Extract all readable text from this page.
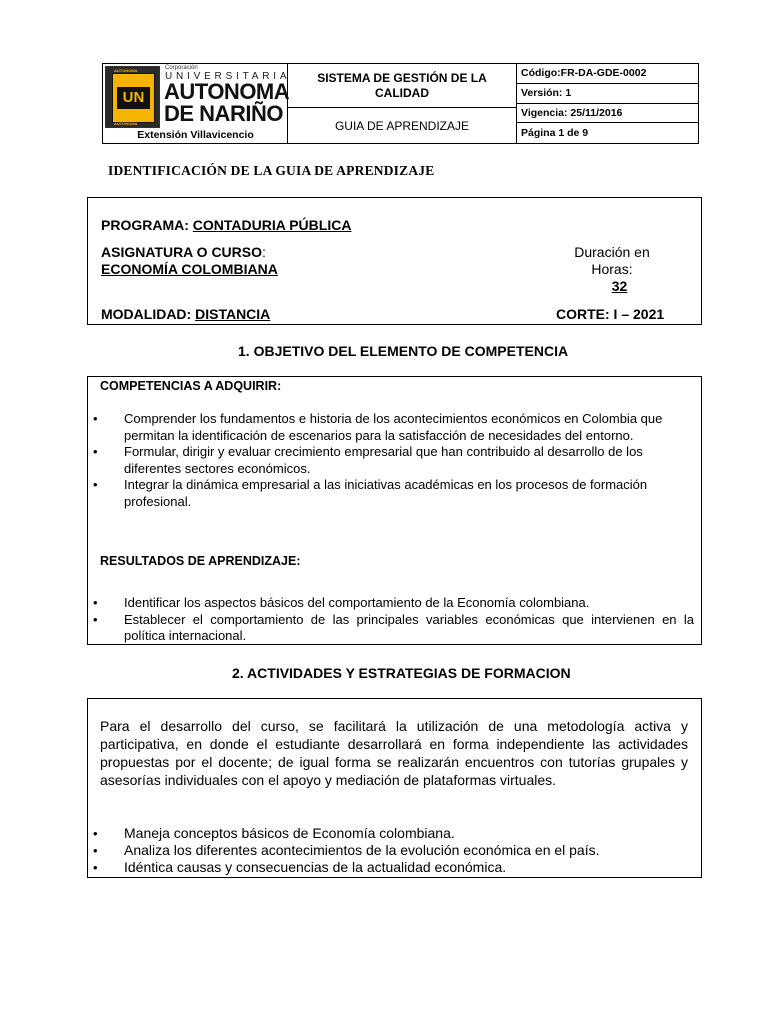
UN
AUTONOMA
AUTONOMA
Corporación
UNIVERSITARIA
AUTONOMA
DE NARIÑO
Extensión Villavicencio
SISTEMA DE GESTIÓN DE LA CALIDAD
GUIA DE APRENDIZAJE
Código:FR-DA-GDE-0002
Versión: 1
Vigencia: 25/11/2016
Página 1 de 9
IDENTIFICACIÓN DE LA GUIA DE APRENDIZAJE
PROGRAMA: CONTADURIA PÚBLICA
ASIGNATURA O CURSO:
ECONOMÍA COLOMBIANA
Duración en
Horas:
32
MODALIDAD: DISTANCIA	CORTE: I – 2021
1. OBJETIVO DEL ELEMENTO DE COMPETENCIA
COMPETENCIAS A ADQUIRIR:
• Comprender los fundamentos e historia de los acontecimientos económicos en Colombia que permitan la identificación de escenarios para la satisfacción de necesidades del entorno.
• Formular, dirigir y evaluar crecimiento empresarial que han contribuido al desarrollo de los diferentes sectores económicos.
• Integrar la dinámica empresarial a las iniciativas académicas en los procesos de formación profesional.
RESULTADOS DE APRENDIZAJE:
• Identificar los aspectos básicos del comportamiento de la Economía colombiana.
• Establecer el comportamiento de las principales variables económicas que intervienen en la política internacional.
2. ACTIVIDADES Y ESTRATEGIAS DE FORMACION
Para el desarrollo del curso, se facilitará la utilización de una metodología activa y participativa, en donde el estudiante desarrollará en forma independiente las actividades propuestas por el docente; de igual forma se realizarán encuentros con tutorías grupales y asesorías individuales con el apoyo y mediación de plataformas virtuales.
• Maneja conceptos básicos de Economía colombiana.
• Analiza los diferentes acontecimientos de la evolución económica en el país.
• Idéntica causas y consecuencias de la actualidad económica.
